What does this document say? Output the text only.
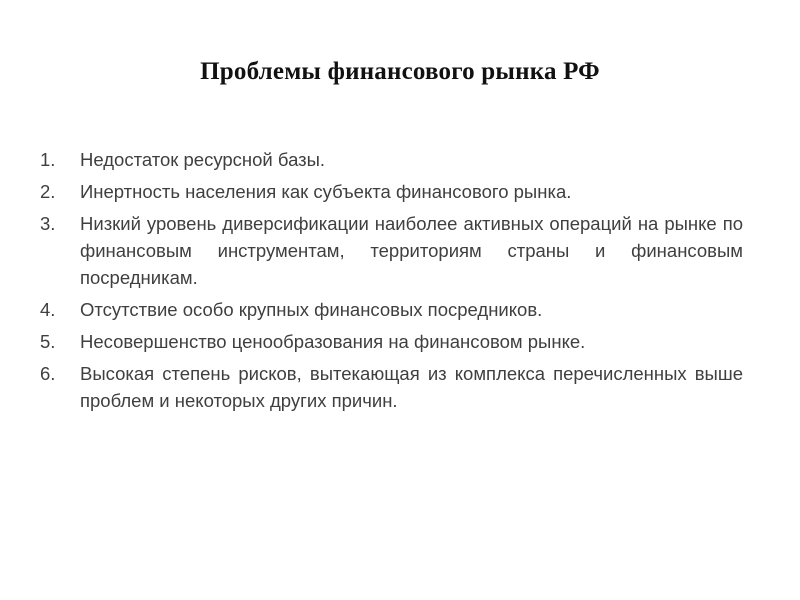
Проблемы финансового рынка РФ
1.	Недостаток ресурсной базы.
2.	Инертность населения как субъекта финансового рынка.
3.	Низкий уровень диверсификации наиболее активных операций на рынке по финансовым инструментам, территориям страны и финансовым посредникам.
4.	Отсутствие особо крупных финансовых посредников.
5.	Несовершенство ценообразования на финансовом рынке.
6.	Высокая степень рисков, вытекающая из комплекса перечисленных выше проблем и некоторых других причин.
